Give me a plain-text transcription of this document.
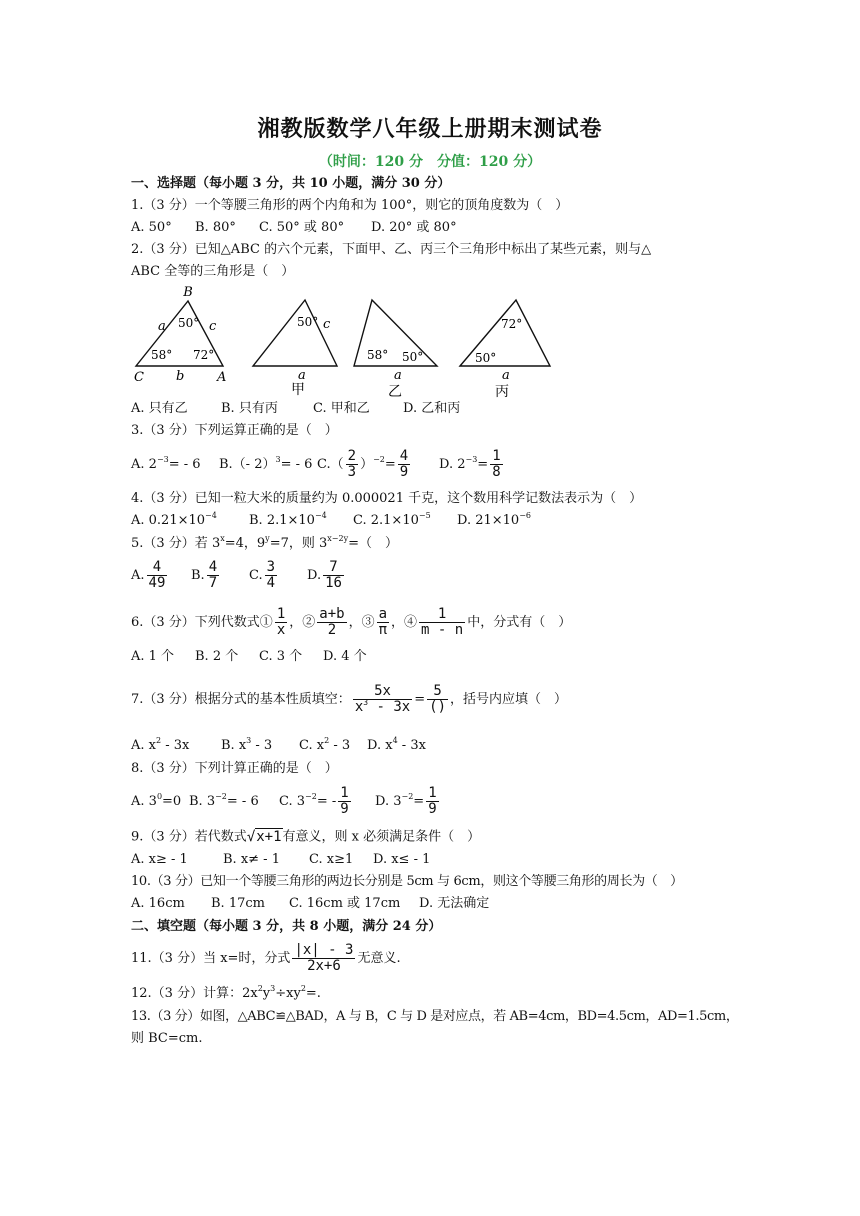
湘教版数学八年级上册期末测试卷
（时间：120 分　分值：120 分）
一、选择题（每小题 3 分，共 10 小题，满分 30 分）
1.（3 分）一个等腰三角形的两个内角和为 100°，则它的顶角度数为（　）
A. 50° B. 80° C. 50° 或 80° D. 20° 或 80°
2.（3 分）已知△ABC 的六个元素，下面甲、乙、丙三个三角形中标出了某些元素，则与△
ABC 全等的三角形是（　）
B
C	A
a
b
c
50°
58° 72°
50° c
a
甲
58° 50°
a
乙
72°
50°
a
丙
A. 只有乙	B. 只有丙	C. 甲和乙	D. 乙和丙
3.（3 分）下列运算正确的是（　）
A. $2^{-3}= - 6$ B.（- 2）$^3$= - 6 $C.( \frac{2}{3} )^{-2}= \frac{4}{9} D$. $2^{-3}= \frac{1}{8}$
4.（3 分）已知一粒大米的质量约为 0.000021 千克，这个数用科学记数法表示为（　）
A. $0.21\times 10^{-4}$ B. $2.1\times 10^{-4}$ C. $2.1\times 10^{-5}$ D. $21\times 10^{-6}$
5.（3 分）若 $3^x=4$，$9^y=7$，则 $3^{x-2y}=$（　）
A. $\frac{4}{49} B$. $\frac{4}{7} C$. $\frac{3}{4} D$. $\frac{7}{16}$
6.（3 分）下列代数式① $\frac{1}{x}$ ，② $\frac{a+b}{2}$ ，③ $\frac{a}{\pi}$ ，④ $\frac{1}{m - n}$ 中，分式有（　）
A. 1 个 B. 2 个 C. 3 个 D. 4 个
7.（3 分）根据分式的基本性质填空： $\frac{5x}{x^3 - 3x} = \frac{5}{()}$ ，括号内应填（　）
A. $x^2 - 3x$ B. $x^3 - 3$ C. $x^2 - 3$ D. $x^4 - 3x$
8.（3 分）下列计算正确的是（　）
A. $3^0=0$ B. $3^{-2}= - 6$ C. $3^{-2}= - \frac{1}{9} D$. $3^{-2}= \frac{1}{9}$
9.（3 分）若代数式√x+1有意义，则 x 必须满足条件（　）
A. x≥ - 1	B. x≠ - 1 C. x≥1 D. x≤ - 1
10.（3 分）已知一个等腰三角形的两边长分别是 5cm 与 6cm，则这个等腰三角形的周长为（　）
A. 16cm B. 17cm C. 16cm 或 17cm D. 无法确定
二、填空题（每小题 3 分，共 8 小题，满分 24 分）
11.（3 分）当 x=时，分式 $\frac{|x| - 3}{2x+6}$ 无意义.
12.（3 分）计算：$2x^2y^3\div xy^2=$.
13.（3 分）如图，△ABC≌△BAD，A 与 B，C 与 D 是对应点，若 AB=4cm，BD=4.5cm，AD=1.5cm，
则 BC=cm.
